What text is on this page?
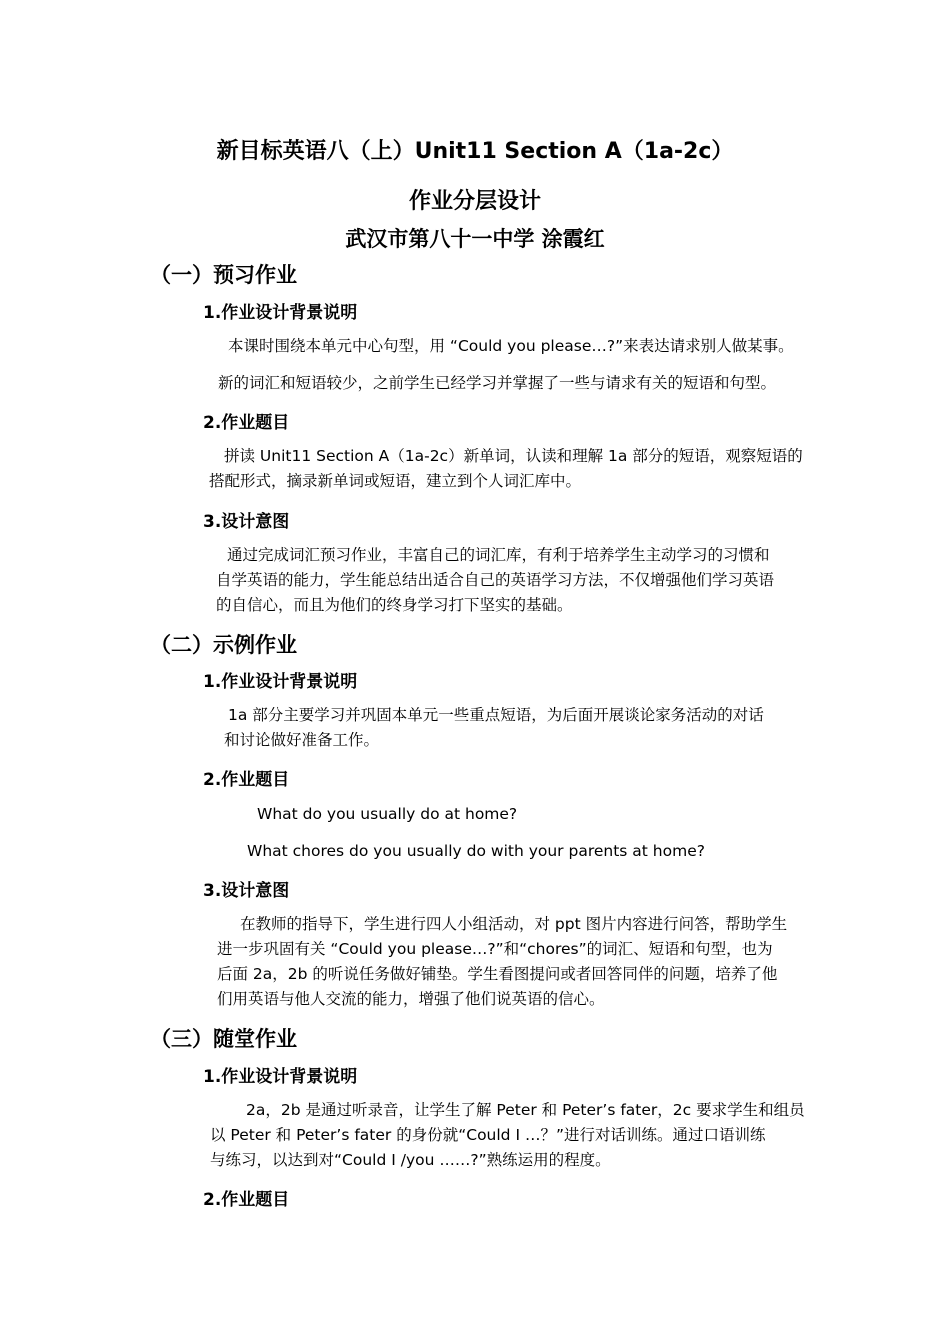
新目标英语八（上）Unit11 Section A（1a-2c）
作业分层设计
武汉市第八十一中学 涂霞红
（一）预习作业
1.作业设计背景说明
本课时围绕本单元中心句型，用 “Could you please…?”来表达请求别人做某事。
新的词汇和短语较少，之前学生已经学习并掌握了一些与请求有关的短语和句型。
2.作业题目
拼读 Unit11 Section A（1a-2c）新单词，认读和理解 1a 部分的短语，观察短语的
搭配形式，摘录新单词或短语，建立到个人词汇库中。
3.设计意图
通过完成词汇预习作业，丰富自己的词汇库，有利于培养学生主动学习的习惯和
自学英语的能力，学生能总结出适合自己的英语学习方法，不仅增强他们学习英语
的自信心，而且为他们的终身学习打下坚实的基础。
（二）示例作业
1.作业设计背景说明
1a 部分主要学习并巩固本单元一些重点短语，为后面开展谈论家务活动的对话
和讨论做好准备工作。
2.作业题目
What do you usually do at home?
What chores do you usually do with your parents at home?
3.设计意图
在教师的指导下，学生进行四人小组活动，对 ppt 图片内容进行问答，帮助学生
进一步巩固有关 “Could you please…?”和“chores”的词汇、短语和句型，也为
后面 2a，2b 的听说任务做好铺垫。学生看图提问或者回答同伴的问题，培养了他
们用英语与他人交流的能力，增强了他们说英语的信心。
（三）随堂作业
1.作业设计背景说明
2a，2b 是通过听录音，让学生了解 Peter 和 Peter’s fater，2c 要求学生和组员
以 Peter 和 Peter’s fater 的身份就“Could I …？”进行对话训练。通过口语训练
与练习，以达到对“Could I /you ……?”熟练运用的程度。
2.作业题目
